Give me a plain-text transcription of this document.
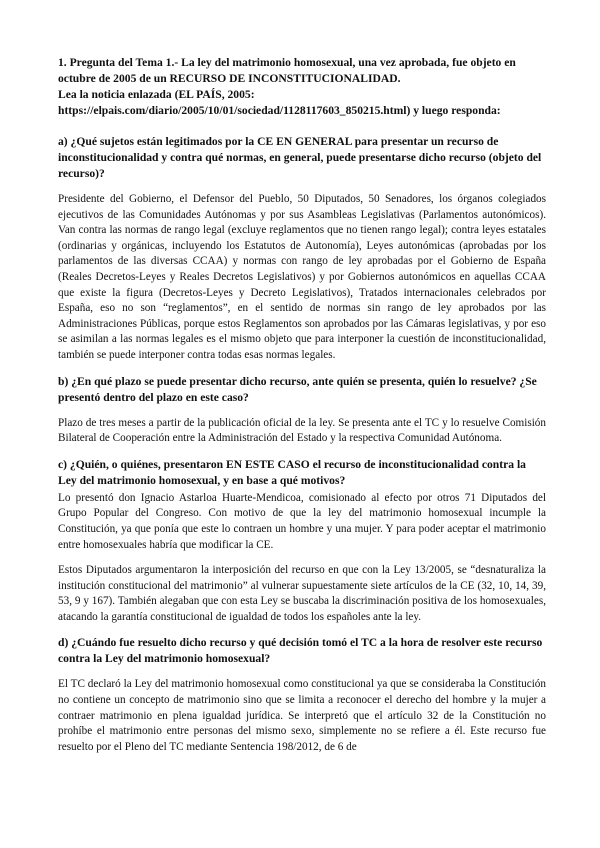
1. Pregunta del Tema 1.- La ley del matrimonio homosexual, una vez aprobada, fue objeto en
octubre de 2005 de un RECURSO DE INCONSTITUCIONALIDAD.
Lea la noticia enlazada (EL PAÍS, 2005:
https://elpais.com/diario/2005/10/01/sociedad/1128117603_850215.html) y luego responda:
a) ¿Qué sujetos están legitimados por la CE EN GENERAL para presentar un recurso de inconstitucionalidad y contra qué normas, en general, puede presentarse dicho recurso (objeto del recurso)?
Presidente del Gobierno, el Defensor del Pueblo, 50 Diputados, 50 Senadores, los órganos colegiados ejecutivos de las Comunidades Autónomas y por sus Asambleas Legislativas (Parlamentos autonómicos). Van contra las normas de rango legal (excluye reglamentos que no tienen rango legal); contra leyes estatales (ordinarias y orgánicas, incluyendo los Estatutos de Autonomía), Leyes autonómicas (aprobadas por los parlamentos de las diversas CCAA) y normas con rango de ley aprobadas por el Gobierno de España (Reales Decretos-Leyes y Reales Decretos Legislativos) y por Gobiernos autonómicos en aquellas CCAA que existe la figura (Decretos-Leyes y Decreto Legislativos), Tratados internacionales celebrados por España, eso no son “reglamentos”, en el sentido de normas sin rango de ley aprobados por las Administraciones Públicas, porque estos Reglamentos son aprobados por las Cámaras legislativas, y por eso se asimilan a las normas legales es el mismo objeto que para interponer la cuestión de inconstitucionalidad, también se puede interponer contra todas esas normas legales.
b) ¿En qué plazo se puede presentar dicho recurso, ante quién se presenta, quién lo resuelve? ¿Se presentó dentro del plazo en este caso?
Plazo de tres meses a partir de la publicación oficial de la ley. Se presenta ante el TC y lo resuelve Comisión Bilateral de Cooperación entre la Administración del Estado y la respectiva Comunidad Autónoma.
c) ¿Quién, o quiénes, presentaron EN ESTE CASO el recurso de inconstitucionalidad contra la Ley del matrimonio homosexual, y en base a qué motivos?
Lo presentó don Ignacio Astarloa Huarte-Mendicoa, comisionado al efecto por otros 71 Diputados del Grupo Popular del Congreso. Con motivo de que la ley del matrimonio homosexual incumple la Constitución, ya que ponía que este lo contraen un hombre y una mujer. Y para poder aceptar el matrimonio entre homosexuales habría que modificar la CE.
Estos Diputados argumentaron la interposición del recurso en que con la Ley 13/2005, se “desnaturaliza la institución constitucional del matrimonio” al vulnerar supuestamente siete artículos de la CE (32, 10, 14, 39, 53, 9 y 167). También alegaban que con esta Ley se buscaba la discriminación positiva de los homosexuales, atacando la garantía constitucional de igualdad de todos los españoles ante la ley.
d) ¿Cuándo fue resuelto dicho recurso y qué decisión tomó el TC a la hora de resolver este recurso contra la Ley del matrimonio homosexual?
El TC declaró la Ley del matrimonio homosexual como constitucional ya que se consideraba la Constitución no contiene un concepto de matrimonio sino que se limita a reconocer el derecho del hombre y la mujer a contraer matrimonio en plena igualdad jurídica. Se interpretó que el artículo 32 de la Constitución no prohíbe el matrimonio entre personas del mismo sexo, simplemente no se refiere a él. Este recurso fue resuelto por el Pleno del TC mediante Sentencia 198/2012, de 6 de
